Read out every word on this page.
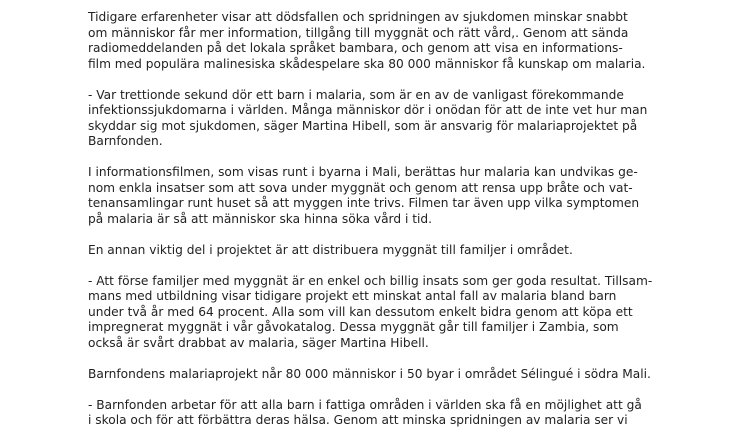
Tidigare erfarenheter visar att dödsfallen och spridningen av sjukdomen minskar snabbt
om människor får mer information, tillgång till myggnät och rätt vård,. Genom att sända
radiomeddelanden på det lokala språket bambara, och genom att visa en informations-
film med populära malinesiska skådespelare ska 80 000 människor få kunskap om malaria.

- Var trettionde sekund dör ett barn i malaria, som är en av de vanligast förekommande
infektionssjukdomarna i världen. Många människor dör i onödan för att de inte vet hur man
skyddar sig mot sjukdomen, säger Martina Hibell, som är ansvarig för malariaprojektet på
Barnfonden.

I informationsfilmen, som visas runt i byarna i Mali, berättas hur malaria kan undvikas ge-
nom enkla insatser som att sova under myggnät och genom att rensa upp bråte och vat-
tenansamlingar runt huset så att myggen inte trivs. Filmen tar även upp vilka symptomen
på malaria är så att människor ska hinna söka vård i tid.

En annan viktig del i projektet är att distribuera myggnät till familjer i området.

- Att förse familjer med myggnät är en enkel och billig insats som ger goda resultat. Tillsam-
mans med utbildning visar tidigare projekt ett minskat antal fall av malaria bland barn
under två år med 64 procent. Alla som vill kan dessutom enkelt bidra genom att köpa ett
impregnerat myggnät i vår gåvokatalog. Dessa myggnät går till familjer i Zambia, som
också är svårt drabbat av malaria, säger Martina Hibell.

Barnfondens malariaprojekt når 80 000 människor i 50 byar i området Sélingué i södra Mali.

- Barnfonden arbetar för att alla barn i fattiga områden i världen ska få en möjlighet att gå
i skola och för att förbättra deras hälsa. Genom att minska spridningen av malaria ser vi
